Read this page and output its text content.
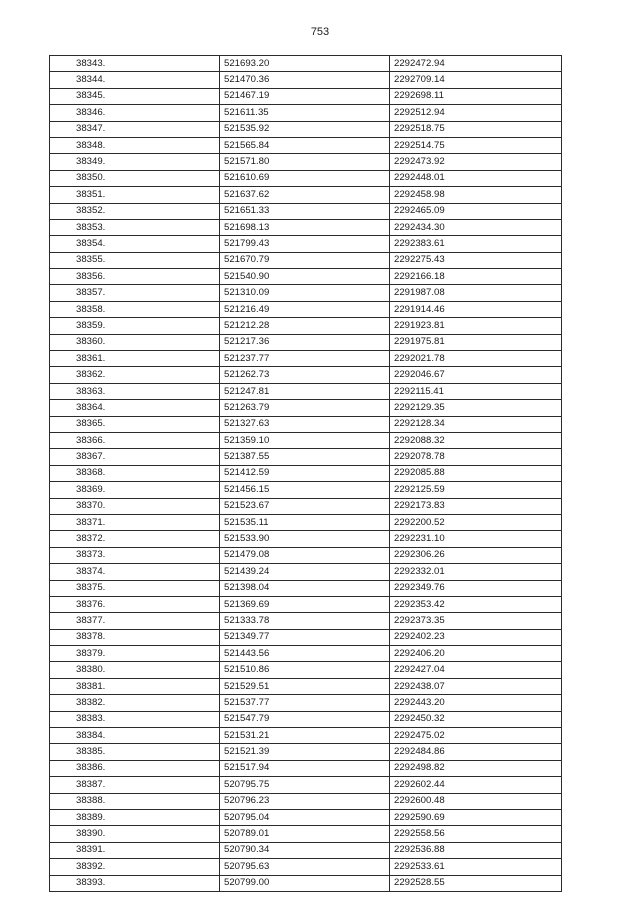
753
38343.	521693.20	2292472.94
38344.	521470.36	2292709.14
38345.	521467.19	2292698.11
38346.	521611.35	2292512.94
38347.	521535.92	2292518.75
38348.	521565.84	2292514.75
38349.	521571.80	2292473.92
38350.	521610.69	2292448.01
38351.	521637.62	2292458.98
38352.	521651.33	2292465.09
38353.	521698.13	2292434.30
38354.	521799.43	2292383.61
38355.	521670.79	2292275.43
38356.	521540.90	2292166.18
38357.	521310.09	2291987.08
38358.	521216.49	2291914.46
38359.	521212.28	2291923.81
38360.	521217.36	2291975.81
38361.	521237.77	2292021.78
38362.	521262.73	2292046.67
38363.	521247.81	2292115.41
38364.	521263.79	2292129.35
38365.	521327.63	2292128.34
38366.	521359.10	2292088.32
38367.	521387.55	2292078.78
38368.	521412.59	2292085.88
38369.	521456.15	2292125.59
38370.	521523.67	2292173.83
38371.	521535.11	2292200.52
38372.	521533.90	2292231.10
38373.	521479.08	2292306.26
38374.	521439.24	2292332.01
38375.	521398.04	2292349.76
38376.	521369.69	2292353.42
38377.	521333.78	2292373.35
38378.	521349.77	2292402.23
38379.	521443.56	2292406.20
38380.	521510.86	2292427.04
38381.	521529.51	2292438.07
38382.	521537.77	2292443.20
38383.	521547.79	2292450.32
38384.	521531.21	2292475.02
38385.	521521.39	2292484.86
38386.	521517.94	2292498.82
38387.	520795.75	2292602.44
38388.	520796.23	2292600.48
38389.	520795.04	2292590.69
38390.	520789.01	2292558.56
38391.	520790.34	2292536.88
38392.	520795.63	2292533.61
38393.	520799.00	2292528.55
